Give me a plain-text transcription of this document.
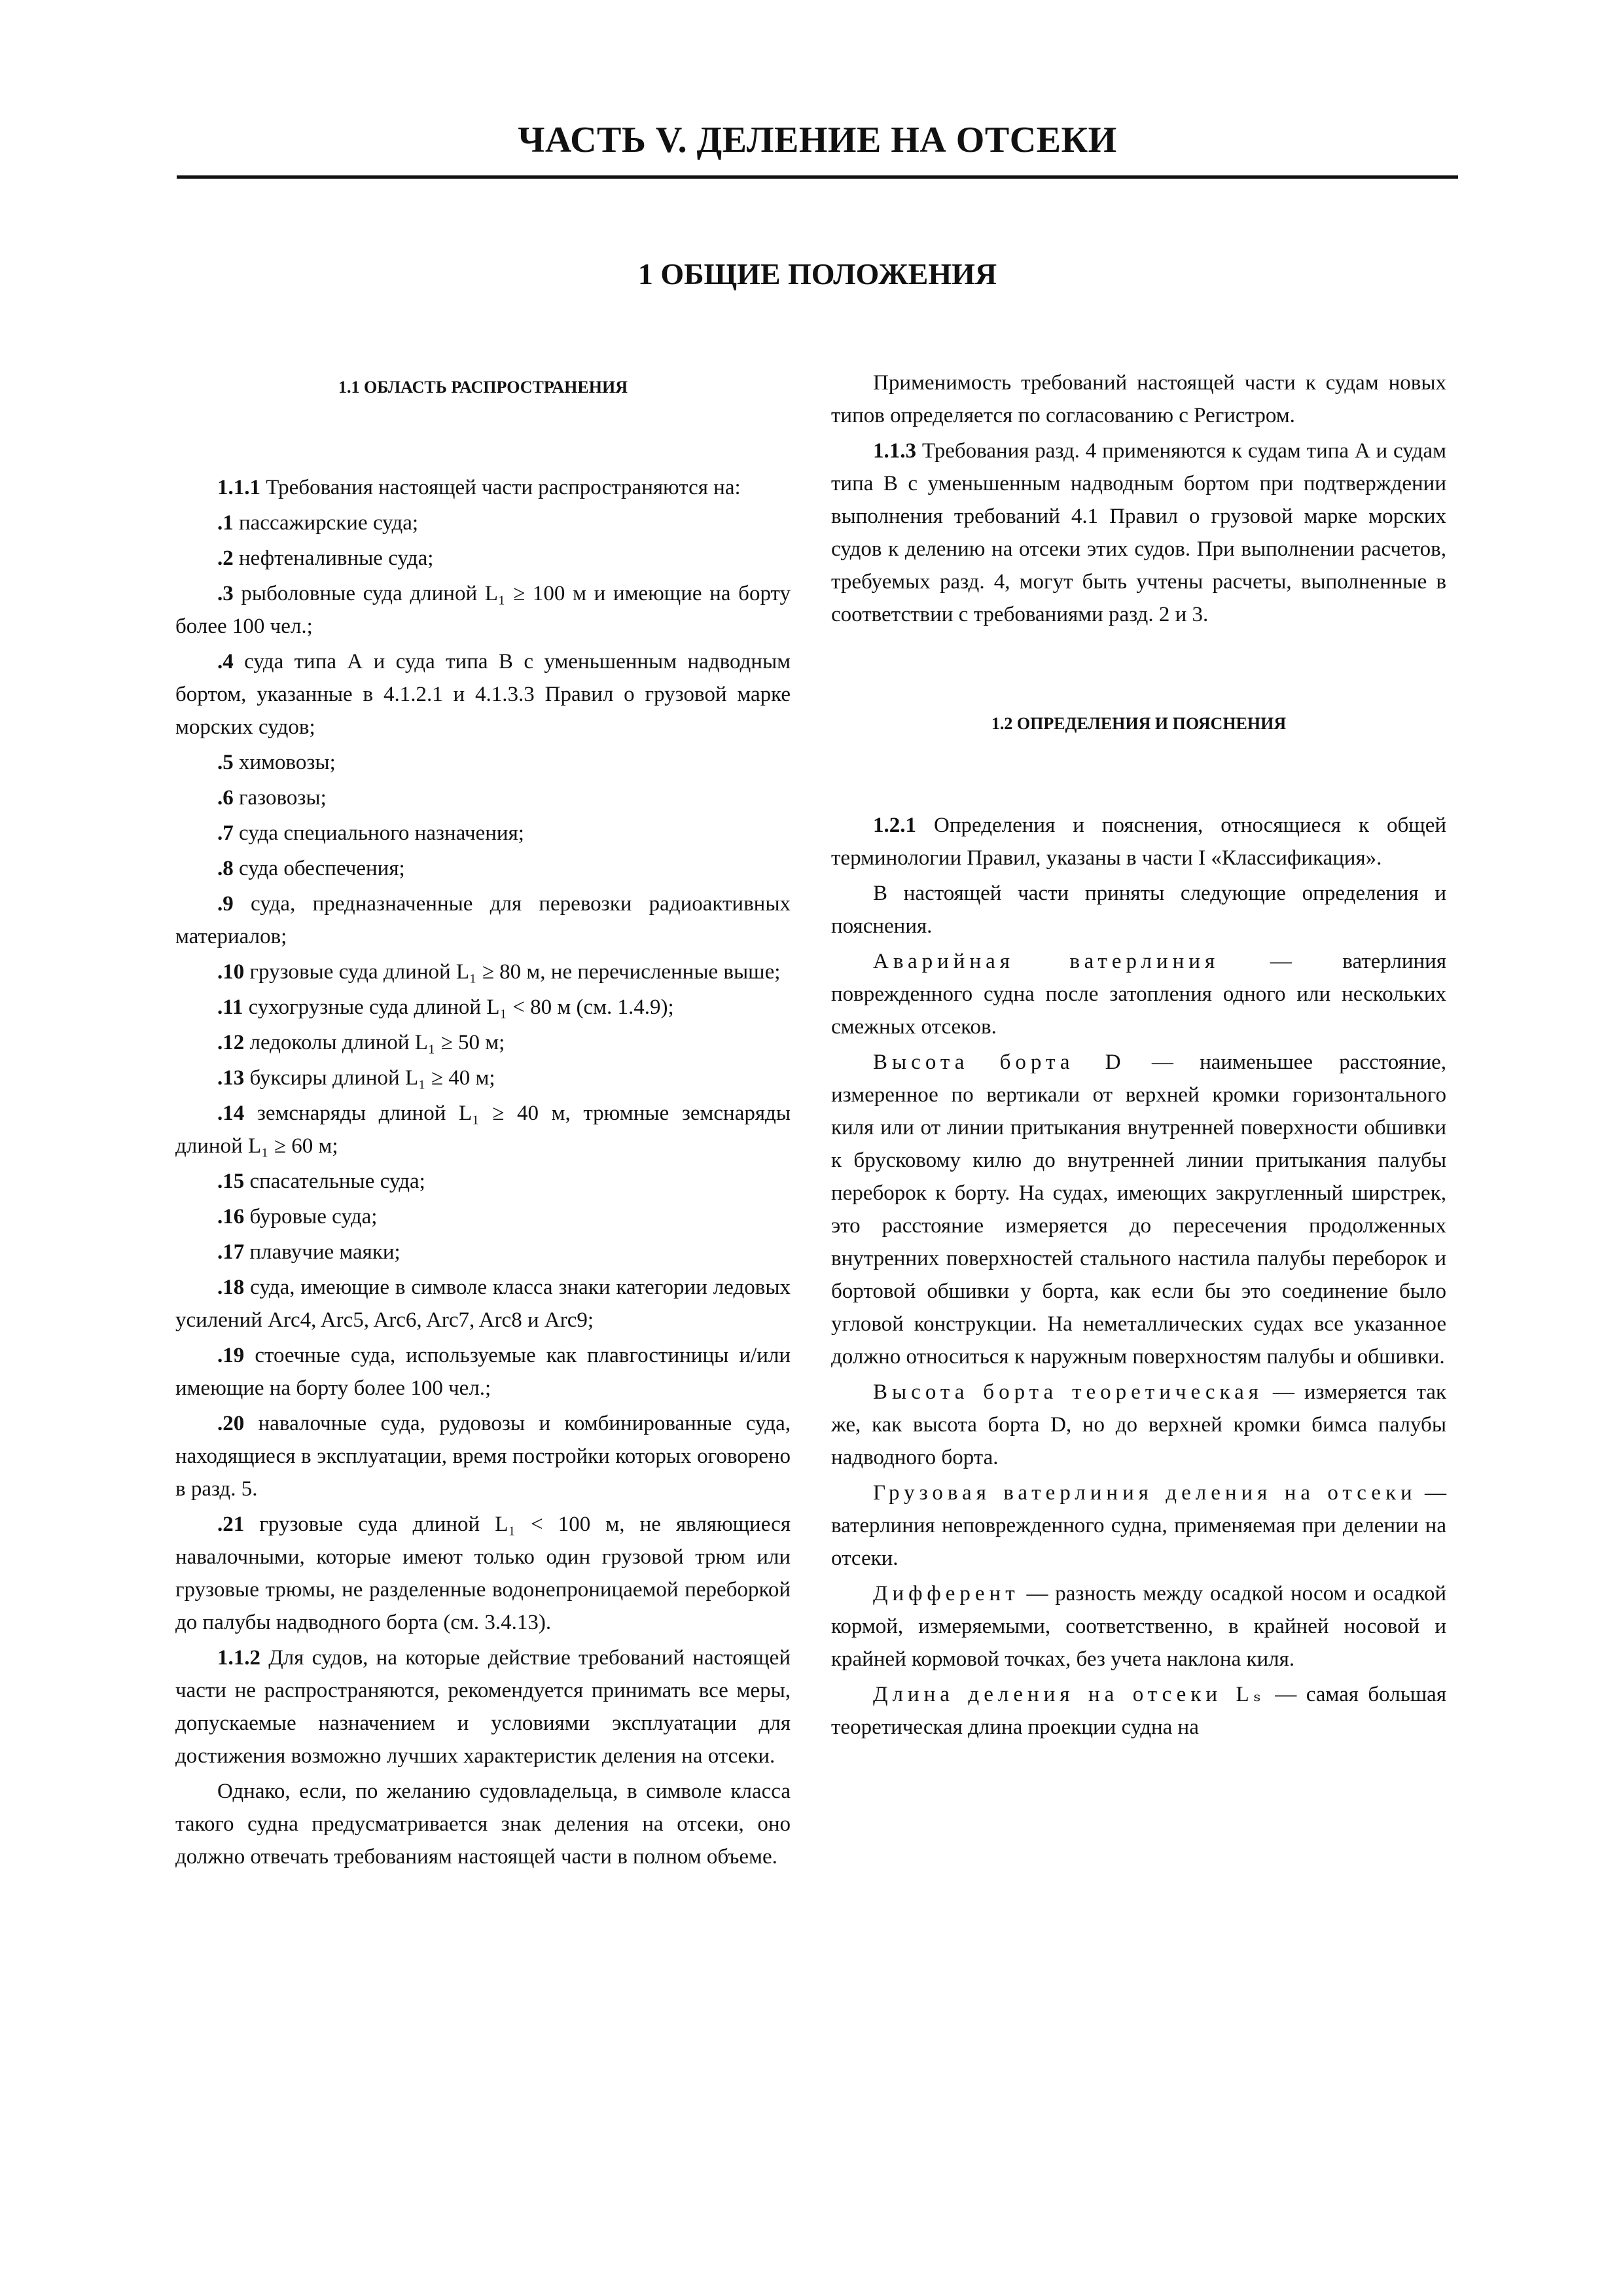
ЧАСТЬ V. ДЕЛЕНИЕ НА ОТСЕКИ
1 ОБЩИЕ ПОЛОЖЕНИЯ
1.1 ОБЛАСТЬ РАСПРОСТРАНЕНИЯ

1.1.1 Требования настоящей части распространяются на:

.1 пассажирские суда;

.2 нефтеналивные суда;

.3 рыболовные суда длиной L₁ ≥ 100 м и имеющие на борту более 100 чел.;

.4 суда типа А и суда типа В с уменьшенным надводным бортом, указанные в 4.1.2.1 и 4.1.3.3 Правил о грузовой марке морских судов;

.5 химовозы;

.6 газовозы;

.7 суда специального назначения;

.8 суда обеспечения;

.9 суда, предназначенные для перевозки радиоактивных материалов;

.10 грузовые суда длиной L₁ ≥ 80 м, не перечисленные выше;

.11 сухогрузные суда длиной L₁ < 80 м (см. 1.4.9);

.12 ледоколы длиной L₁ ≥ 50 м;

.13 буксиры длиной L₁ ≥ 40 м;

.14 земснаряды длиной L₁ ≥ 40 м, трюмные земснаряды длиной L₁ ≥ 60 м;

.15 спасательные суда;

.16 буровые суда;

.17 плавучие маяки;

.18 суда, имеющие в символе класса знаки категории ледовых усилений Arc4, Arc5, Arc6, Arc7, Arc8 и Arc9;

.19 стоечные суда, используемые как плавгостиницы и/или имеющие на борту более 100 чел.;

.20 навалочные суда, рудовозы и комбинированные суда, находящиеся в эксплуатации, время постройки которых оговорено в разд. 5.

.21 грузовые суда длиной L₁ < 100 м, не являющиеся навалочными, которые имеют только один грузовой трюм или грузовые трюмы, не разделенные водонепроницаемой переборкой до палубы надводного борта (см. 3.4.13).

1.1.2 Для судов, на которые действие требований настоящей части не распространяются, рекомендуется принимать все меры, допускаемые назначением и условиями эксплуатации для достижения возможно лучших характеристик деления на отсеки.

Однако, если, по желанию судовладельца, в символе класса такого судна предусматривается знак деления на отсеки, оно должно отвечать требованиям настоящей части в полном объеме.

Применимость требований настоящей части к судам новых типов определяется по согласованию с Регистром.

1.1.3 Требования разд. 4 применяются к судам типа А и судам типа В с уменьшенным надводным бортом при подтверждении выполнения требований 4.1 Правил о грузовой марке морских судов к делению на отсеки этих судов. При выполнении расчетов, требуемых разд. 4, могут быть учтены расчеты, выполненные в соответствии с требованиями разд. 2 и 3.

1.2 ОПРЕДЕЛЕНИЯ И ПОЯСНЕНИЯ

1.2.1 Определения и пояснения, относящиеся к общей терминологии Правил, указаны в части I «Классификация».

В настоящей части приняты следующие определения и пояснения.

Аварийная ватерлиния — ватерлиния поврежденного судна после затопления одного или нескольких смежных отсеков.

Высота борта D — наименьшее расстояние, измеренное по вертикали от верхней кромки горизонтального киля или от линии притыкания внутренней поверхности обшивки к брусковому килю до внутренней линии притыкания палубы переборок к борту. На судах, имеющих закругленный ширстрек, это расстояние измеряется до пересечения продолженных внутренних поверхностей стального настила палубы переборок и бортовой обшивки у борта, как если бы это соединение было угловой конструкции. На неметаллических судах все указанное должно относиться к наружным поверхностям палубы и обшивки.

Высота борта теоретическая — измеряется так же, как высота борта D, но до верхней кромки бимса палубы надводного борта.

Грузовая ватерлиния деления на отсеки — ватерлиния неповрежденного судна, применяемая при делении на отсеки.

Дифферент — разность между осадкой носом и осадкой кормой, измеряемыми, соответственно, в крайней носовой и крайней кормовой точках, без учета наклона киля.

Длина деления на отсеки Lₛ — самая большая теоретическая длина проекции судна на
